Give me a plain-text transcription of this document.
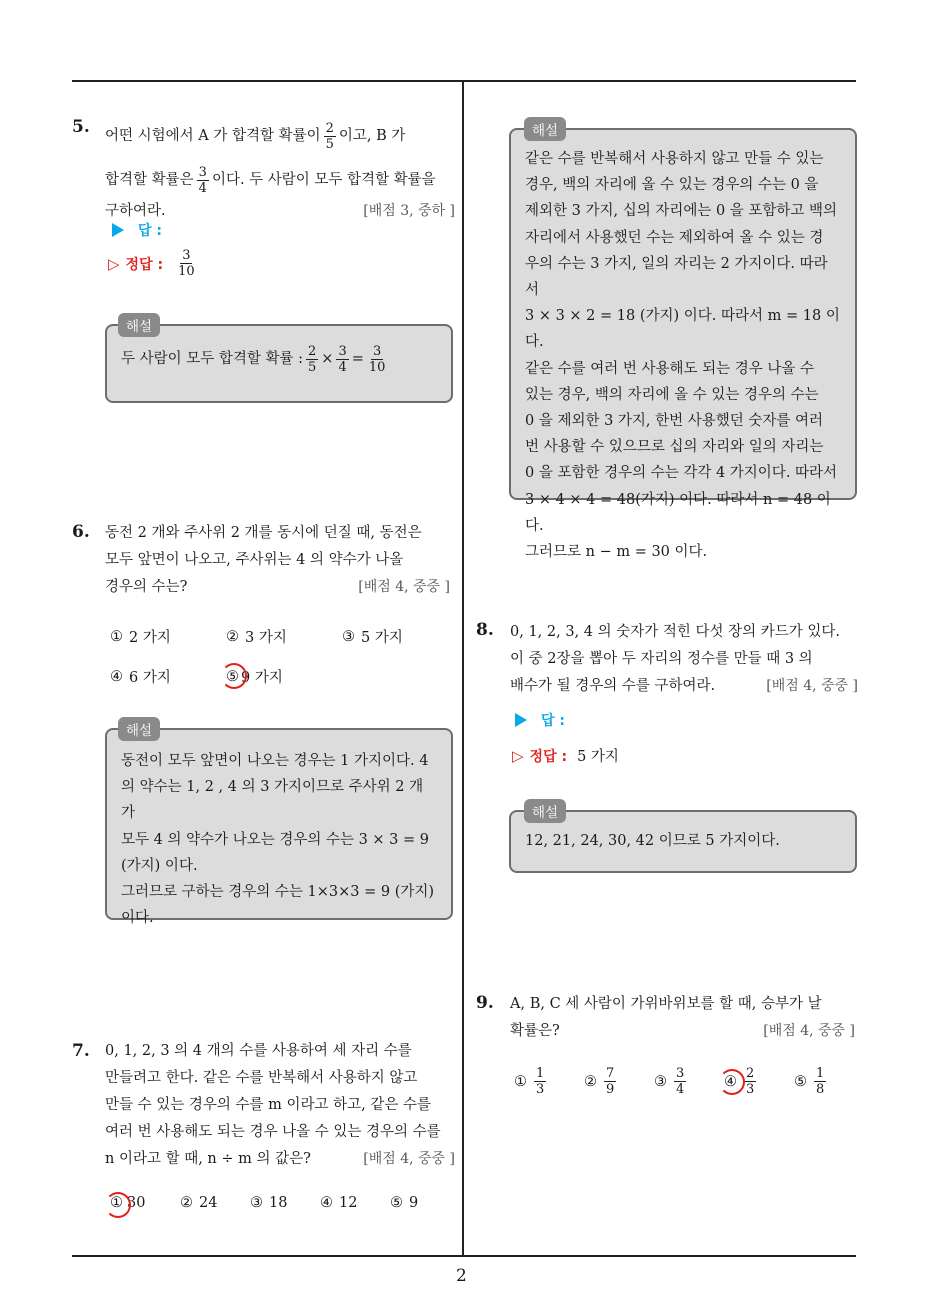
2
5. 어떤 시험에서 A 가 합격할 확률이 $\frac{2}{5}$ 이고, B 가
합격할 확률은 $\frac{3}{4}$ 이다. 두 사람이 모두 합격할 확률을
구하여라.	[배점 3, 중하 ]
답 :
▷ 정답 : $\frac{3}{10}$
두 사람이 모두 합격할 확률 : $\frac{2}{5} \times \frac{3}{4} = \frac{3}{10}$
해설
6. 동전 2 개와 주사위 2 개를 동시에 던질 때, 동전은
모두 앞면이 나오고, 주사위는 4 의 약수가 나올
경우의 수는?	[배점 4, 중중 ]
① 2 가지	② 3 가지	③ 5 가지
④ 6 가지	⑤ 9 가지
동전이 모두 앞면이 나오는 경우는 1 가지이다. 4
의 약수는 1, 2 , 4 의 3 가지이므로 주사위 2 개가
모두 4 의 약수가 나오는 경우의 수는 3 × 3 = 9
(가지) 이다.
그러므로 구하는 경우의 수는 1×3×3 = 9 (가지)
이다.
해설
7. 0, 1, 2, 3 의 4 개의 수를 사용하여 세 자리 수를
만들려고 한다. 같은 수를 반복해서 사용하지 않고
만들 수 있는 경우의 수를 m 이라고 하고, 같은 수를
여러 번 사용해도 되는 경우 나올 수 있는 경우의 수를
n 이라고 할 때, n ÷ m 의 값은?	[배점 4, 중중 ]
① 30 ② 24 ③ 18 ④ 12 ⑤ 9
같은 수를 반복해서 사용하지 않고 만들 수 있는
경우, 백의 자리에 올 수 있는 경우의 수는 0 을
제외한 3 가지, 십의 자리에는 0 을 포함하고 백의
자리에서 사용했던 수는 제외하여 올 수 있는 경
우의 수는 3 가지, 일의 자리는 2 가지이다. 따라서
3 × 3 × 2 = 18 (가지) 이다. 따라서 m = 18 이다.
같은 수를 여러 번 사용해도 되는 경우 나올 수
있는 경우, 백의 자리에 올 수 있는 경우의 수는
0 을 제외한 3 가지, 한번 사용했던 숫자를 여러
번 사용할 수 있으므로 십의 자리와 일의 자리는
0 을 포함한 경우의 수는 각각 4 가지이다. 따라서
3 × 4 × 4 = 48(가지) 이다. 따라서 n = 48 이다.
그러므로 n − m = 30 이다.
해설
8. 0, 1, 2, 3, 4 의 숫자가 적힌 다섯 장의 카드가 있다.
이 중 2장을 뽑아 두 자리의 정수를 만들 때 3 의
배수가 될 경우의 수를 구하여라.	[배점 4, 중중 ]
답 :
▷ 정답 : 5 가지
12, 21, 24, 30, 42 이므로 5 가지이다.
해설
9. A, B, C 세 사람이 가위바위보를 할 때, 승부가 날
확률은?	[배점 4, 중중 ]
① $\frac{1}{3}$	② $\frac{7}{9}$	③ $\frac{3}{4}$	④ $\frac{2}{3}$	⑤ $\frac{1}{8}$
